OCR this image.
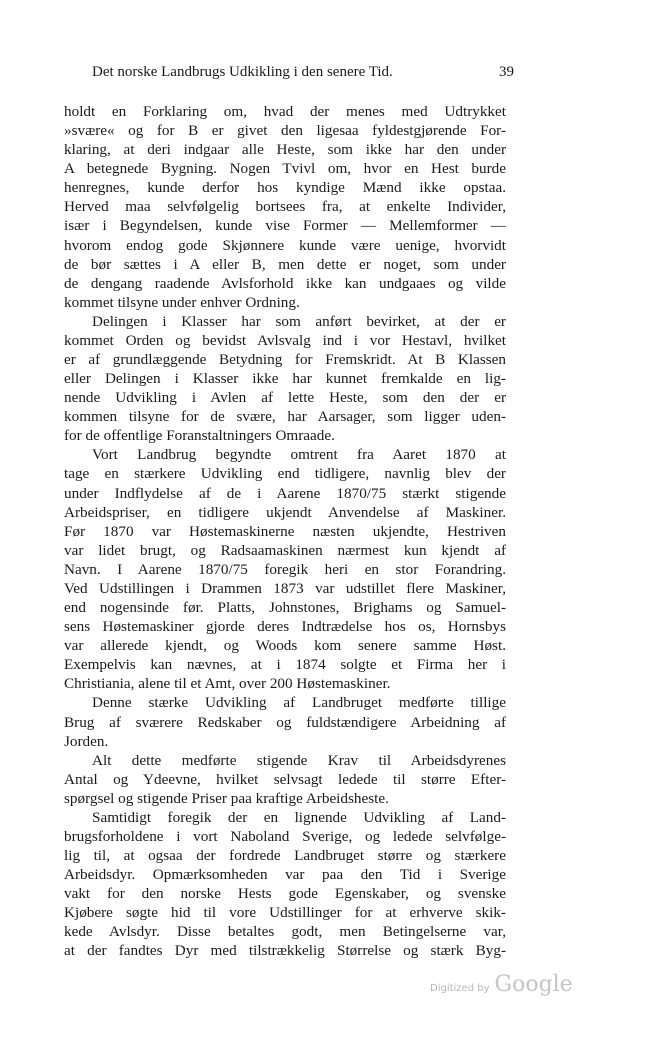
Det norske Landbrugs Udkikling i den senere Tid.	39
holdt en Forklaring om, hvad der menes med Udtrykket
»svære« og for B er givet den ligesaa fyldestgjørende For-
klaring, at deri indgaar alle Heste, som ikke har den under
A betegnede Bygning. Nogen Tvivl om, hvor en Hest burde
henregnes, kunde derfor hos kyndige Mænd ikke opstaa.
Herved maa selvfølgelig bortsees fra, at enkelte Individer,
især i Begyndelsen, kunde vise Former — Mellemformer —
hvorom endog gode Skjønnere kunde være uenige, hvorvidt
de bør sættes i A eller B, men dette er noget, som under
de dengang raadende Avlsforhold ikke kan undgaaes og vilde
kommet tilsyne under enhver Ordning.
Delingen i Klasser har som anført bevirket, at der er
kommet Orden og bevidst Avlsvalg ind i vor Hestavl, hvilket
er af grundlæggende Betydning for Fremskridt. At B Klassen
eller Delingen i Klasser ikke har kunnet fremkalde en lig-
nende Udvikling i Avlen af lette Heste, som den der er
kommen tilsyne for de svære, har Aarsager, som ligger uden-
for de offentlige Foranstaltningers Omraade.
Vort Landbrug begyndte omtrent fra Aaret 1870 at
tage en stærkere Udvikling end tidligere, navnlig blev der
under Indflydelse af de i Aarene 1870/75 stærkt stigende
Arbeidspriser, en tidligere ukjendt Anvendelse af Maskiner.
Før 1870 var Høstemaskinerne næsten ukjendte, Hestriven
var lidet brugt, og Radsaamaskinen nærmest kun kjendt af
Navn. I Aarene 1870/75 foregik heri en stor Forandring.
Ved Udstillingen i Drammen 1873 var udstillet flere Maskiner,
end nogensinde før. Platts, Johnstones, Brighams og Samuel-
sens Høstemaskiner gjorde deres Indtrædelse hos os, Hornsbys
var allerede kjendt, og Woods kom senere samme Høst.
Exempelvis kan nævnes, at i 1874 solgte et Firma her i
Christiania, alene til et Amt, over 200 Høstemaskiner.
Denne stærke Udvikling af Landbruget medførte tillige
Brug af sværere Redskaber og fuldstændigere Arbeidning af
Jorden.
Alt dette medførte stigende Krav til Arbeidsdyrenes
Antal og Ydeevne, hvilket selvsagt ledede til større Efter-
spørgsel og stigende Priser paa kraftige Arbeidsheste.
Samtidigt foregik der en lignende Udvikling af Land-
brugsforholdene i vort Naboland Sverige, og ledede selvfølge-
lig til, at ogsaa der fordrede Landbruget større og stærkere
Arbeidsdyr. Opmærksomheden var paa den Tid i Sverige
vakt for den norske Hests gode Egenskaber, og svenske
Kjøbere søgte hid til vore Udstillinger for at erhverve skik-
kede Avlsdyr. Disse betaltes godt, men Betingelserne var,
at der fandtes Dyr med tilstrækkelig Størrelse og stærk Byg-
Digitized by Google
